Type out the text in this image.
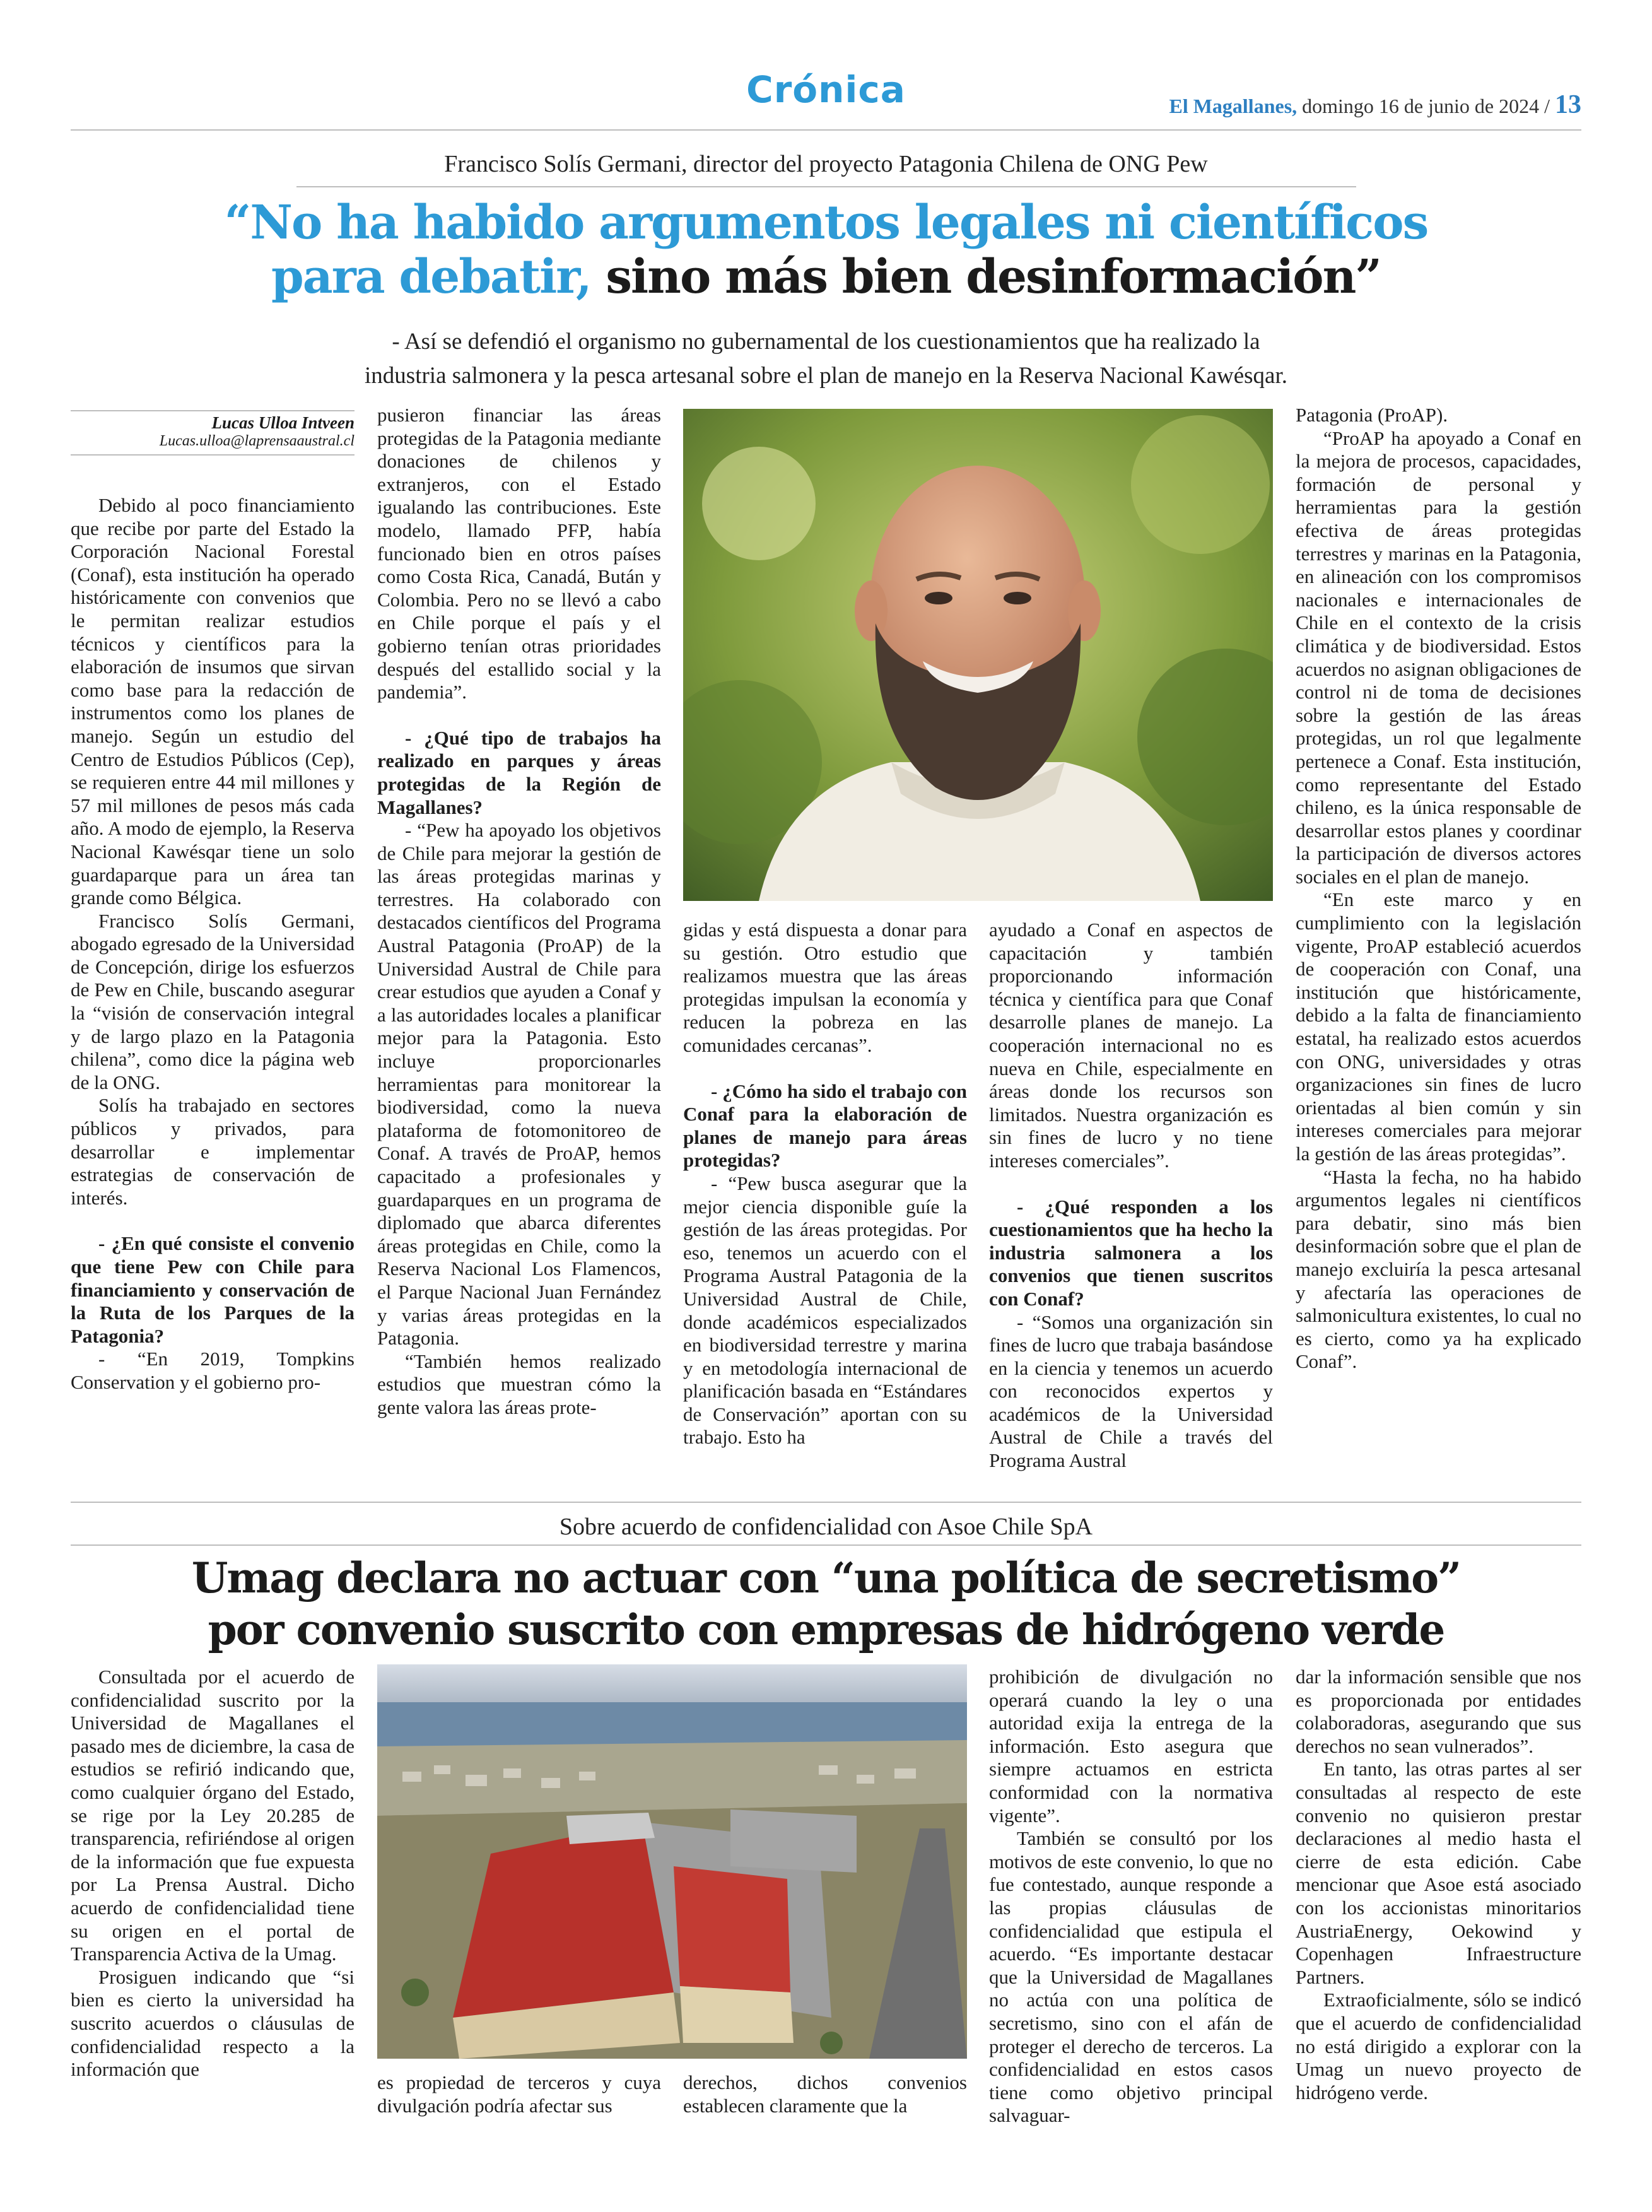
Crónica	El Magallanes, domingo 16 de junio de 2024 / 13
Francisco Solís Germani, director del proyecto Patagonia Chilena de ONG Pew
“No ha habido argumentos legales ni científicos
para debatir, sino más bien desinformación”
- Así se defendió el organismo no gubernamental de los cuestionamientos que ha realizado la
industria salmonera y la pesca artesanal sobre el plan de manejo en la Reserva Nacional Kawésqar.
Lucas Ulloa Intveen
Lucas.ulloa@laprensaaustral.cl

Debido al poco financiamiento que recibe por parte del Estado la Corporación Nacional Forestal (Conaf), esta institución ha operado históricamente con convenios que le permitan realizar estudios técnicos y científicos para la elaboración de insumos que sirvan como base para la redacción de instrumentos como los planes de manejo. Según un estudio del Centro de Estudios Públicos (Cep), se requieren entre 44 mil millones y 57 mil millones de pesos más cada año. A modo de ejemplo, la Reserva Nacional Kawésqar tiene un solo guardaparque para un área tan grande como Bélgica.

Francisco Solís Germani, abogado egresado de la Universidad de Concepción, dirige los esfuerzos de Pew en Chile, buscando asegurar la “visión de conservación integral y de largo plazo en la Patagonia chilena”, como dice la página web de la ONG.

Solís ha trabajado en sectores públicos y privados, para desarrollar e implementar estrategias de conservación de interés.

- ¿En qué consiste el convenio que tiene Pew con Chile para financiamiento y conservación de la Ruta de los Parques de la Patagonia?

- “En 2019, Tompkins Conservation y el gobierno pro-

pusieron financiar las áreas protegidas de la Patagonia mediante donaciones de chilenos y extranjeros, con el Estado igualando las contribuciones. Este modelo, llamado PFP, había funcionado bien en otros países como Costa Rica, Canadá, Bután y Colombia. Pero no se llevó a cabo en Chile porque el país y el gobierno tenían otras prioridades después del estallido social y la pandemia”.

- ¿Qué tipo de trabajos ha realizado en parques y áreas protegidas de la Región de Magallanes?

- “Pew ha apoyado los objetivos de Chile para mejorar la gestión de las áreas protegidas marinas y terrestres. Ha colaborado con destacados científicos del Programa Austral Patagonia (ProAP) de la Universidad Austral de Chile para crear estudios que ayuden a Conaf y a las autoridades locales a planificar mejor para la Patagonia. Esto incluye proporcionarles herramientas para monitorear la biodiversidad, como la nueva plataforma de fotomonitoreo de Conaf. A través de ProAP, hemos capacitado a profesionales y guardaparques en un programa de diplomado que abarca diferentes áreas protegidas en Chile, como la Reserva Nacional Los Flamencos, el Parque Nacional Juan Fernández y varias áreas protegidas en la Patagonia.

“También hemos realizado estudios que muestran cómo la gente valora las áreas prote-

gidas y está dispuesta a donar para su gestión. Otro estudio que realizamos muestra que las áreas protegidas impulsan la economía y reducen la pobreza en las comunidades cercanas”.

- ¿Cómo ha sido el trabajo con Conaf para la elaboración de planes de manejo para áreas protegidas?

- “Pew busca asegurar que la mejor ciencia disponible guíe la gestión de las áreas protegidas. Por eso, tenemos un acuerdo con el Programa Austral Patagonia de la Universidad Austral de Chile, donde académicos especializados en biodiversidad terrestre y marina y en metodología internacional de planificación basada en “Estándares de Conservación” aportan con su trabajo. Esto ha

ayudado a Conaf en aspectos de capacitación y también proporcionando información técnica y científica para que Conaf desarrolle planes de manejo. La cooperación internacional no es nueva en Chile, especialmente en áreas donde los recursos son limitados. Nuestra organización es sin fines de lucro y no tiene intereses comerciales”.

- ¿Qué responden a los cuestionamientos que ha hecho la industria salmonera a los convenios que tienen suscritos con Conaf?

- “Somos una organización sin fines de lucro que trabaja basándose en la ciencia y tenemos un acuerdo con reconocidos expertos y académicos de la Universidad Austral de Chile a través del Programa Austral

Patagonia (ProAP).

“ProAP ha apoyado a Conaf en la mejora de procesos, capacidades, formación de personal y herramientas para la gestión efectiva de áreas protegidas terrestres y marinas en la Patagonia, en alineación con los compromisos nacionales e internacionales de Chile en el contexto de la crisis climática y de biodiversidad. Estos acuerdos no asignan obligaciones de control ni de toma de decisiones sobre la gestión de las áreas protegidas, un rol que legalmente pertenece a Conaf. Esta institución, como representante del Estado chileno, es la única responsable de desarrollar estos planes y coordinar la participación de diversos actores sociales en el plan de manejo.

“En este marco y en cumplimiento con la legislación vigente, ProAP estableció acuerdos de cooperación con Conaf, una institución que históricamente, debido a la falta de financiamiento estatal, ha realizado estos acuerdos con ONG, universidades y otras organizaciones sin fines de lucro orientadas al bien común y sin intereses comerciales para mejorar la gestión de las áreas protegidas”.

“Hasta la fecha, no ha habido argumentos legales ni científicos para debatir, sino más bien desinformación sobre que el plan de manejo excluiría la pesca artesanal y afectaría las operaciones de salmonicultura existentes, lo cual no es cierto, como ya ha explicado Conaf”.

Sobre acuerdo de confidencialidad con Asoe Chile SpA
Umag declara no actuar con “una política de secretismo”
por convenio suscrito con empresas de hidrógeno verde

Consultada por el acuerdo de confidencialidad suscrito por la Universidad de Magallanes el pasado mes de diciembre, la casa de estudios se refirió indicando que, como cualquier órgano del Estado, se rige por la Ley 20.285 de transparencia, refiriéndose al origen de la información que fue expuesta por La Prensa Austral. Dicho acuerdo de confidencialidad tiene su origen en el portal de Transparencia Activa de la Umag.

Prosiguen indicando que “si bien es cierto la universidad ha suscrito acuerdos o cláusulas de confidencialidad respecto a la información que

es propiedad de terceros y cuya divulgación podría afectar sus

derechos, dichos convenios establecen claramente que la

prohibición de divulgación no operará cuando la ley o una autoridad exija la entrega de la información. Esto asegura que siempre actuamos en estricta conformidad con la normativa vigente”.

También se consultó por los motivos de este convenio, lo que no fue contestado, aunque responde a las propias cláusulas de confidencialidad que estipula el acuerdo. “Es importante destacar que la Universidad de Magallanes no actúa con una política de secretismo, sino con el afán de proteger el derecho de terceros. La confidencialidad en estos casos tiene como objetivo principal salvaguar-

dar la información sensible que nos es proporcionada por entidades colaboradoras, asegurando que sus derechos no sean vulnerados”.

En tanto, las otras partes al ser consultadas al respecto de este convenio no quisieron prestar declaraciones al medio hasta el cierre de esta edición. Cabe mencionar que Asoe está asociado con los accionistas minoritarios AustriaEnergy, Oekowind y Copenhagen Infraestructure Partners.

Extraoficialmente, sólo se indicó que el acuerdo de confidencialidad no está dirigido a explorar con la Umag un nuevo proyecto de hidrógeno verde.
